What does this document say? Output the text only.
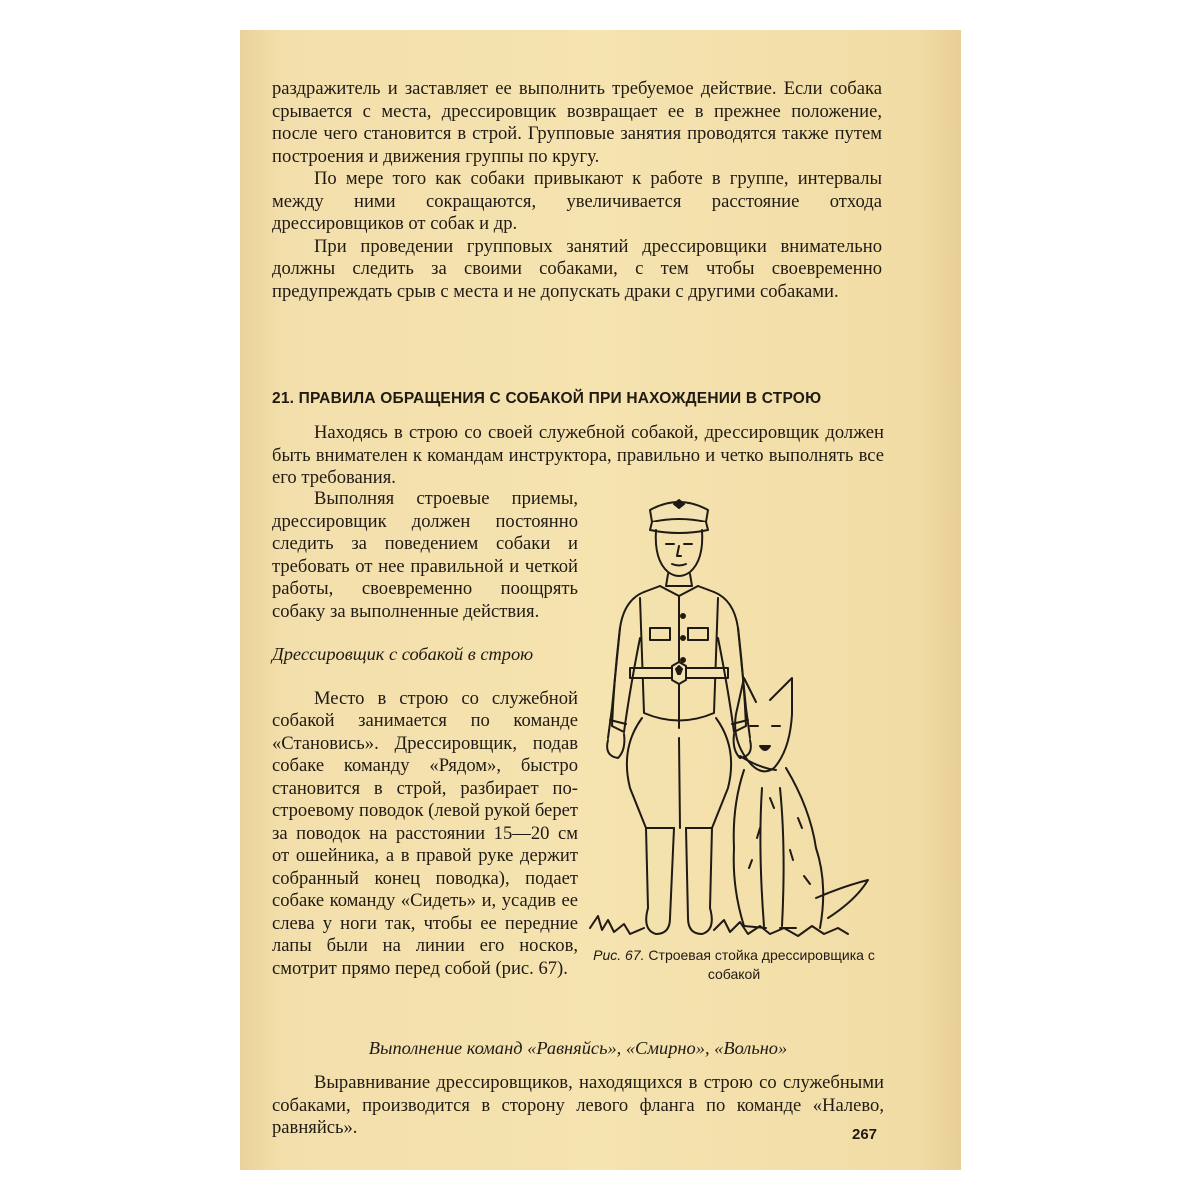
раздражитель и заставляет ее выполнить требуемое действие. Если собака срывается с места, дрессировщик возвращает ее в прежнее положение, после чего становится в строй. Групповые занятия проводятся также путем построения и движения группы по кругу.

По мере того как собаки привыкают к работе в группе, интервалы между ними сокращаются, увеличивается расстояние отхода дрессировщиков от собак и др.

При проведении групповых занятий дрессировщики внимательно должны следить за своими собаками, с тем чтобы своевременно предупреждать срыв с места и не допускать драки с другими собаками.

21. ПРАВИЛА ОБРАЩЕНИЯ С СОБАКОЙ ПРИ НАХОЖДЕНИИ В СТРОЮ

Находясь в строю со своей служебной собакой, дрессировщик должен быть внимателен к командам инструктора, правильно и четко выполнять все его требования.

Выполняя строевые приемы, дрессировщик должен постоянно следить за поведением собаки и требовать от нее правильной и четкой работы, своевременно поощрять собаку за выполненные действия.

Дрессировщик с собакой в строю

Место в строю со служебной собакой занимается по команде «Становись». Дрессировщик, подав собаке команду «Рядом», быстро становится в строй, разбирает по-строевому поводок (левой рукой берет за поводок на расстоянии 15—20 см от ошейника, а в правой руке держит собранный конец поводка), подает собаке команду «Сидеть» и, усадив ее слева у ноги так, чтобы ее передние лапы были на линии его носков, смотрит прямо перед собой (рис. 67).

Рис. 67. Строевая стойка дрессировщика с собакой
Выполнение команд «Равняйсь», «Смирно», «Вольно»

Выравнивание дрессировщиков, находящихся в строю со служебными собаками, производится в сторону левого фланга по команде «Налево, равняйсь».	267
